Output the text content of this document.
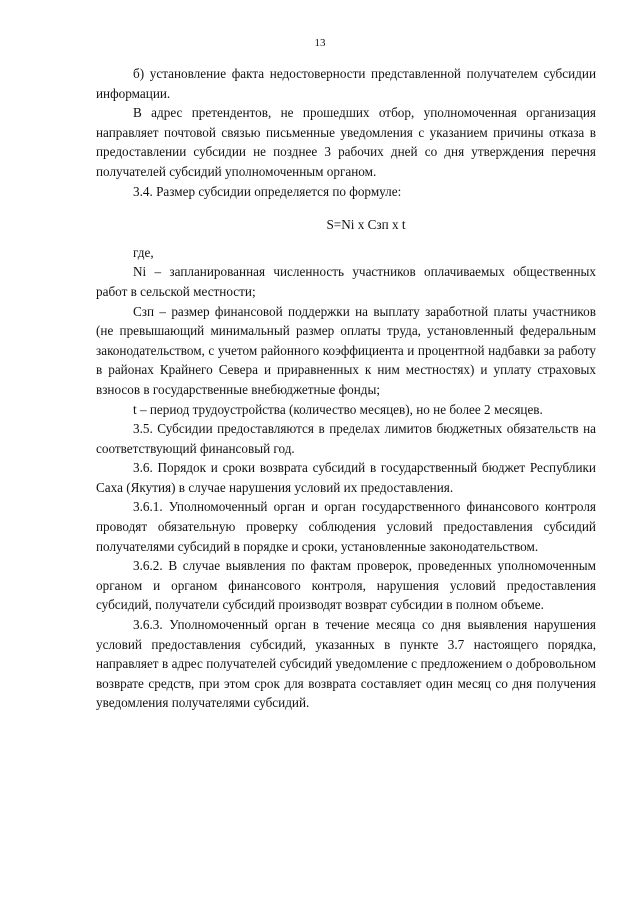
13

б) установление факта недостоверности представленной получателем субсидии информации.

В адрес претендентов, не прошедших отбор, уполномоченная организация направляет почтовой связью письменные уведомления с указанием причины отказа в предоставлении субсидии не позднее 3 рабочих дней со дня утверждения перечня получателей субсидий уполномоченным органом.

3.4. Размер субсидии определяется по формуле:

S=Ni х Сзп х t

где,

Ni – запланированная численность участников оплачиваемых общественных работ в сельской местности;

Сзп – размер финансовой поддержки на выплату заработной платы участников (не превышающий минимальный размер оплаты труда, установленный федеральным законодательством, с учетом районного коэффициента и процентной надбавки за работу в районах Крайнего Севера и приравненных к ним местностях) и уплату страховых взносов в государственные внебюджетные фонды;

t – период трудоустройства (количество месяцев), но не более 2 месяцев.

3.5. Субсидии предоставляются в пределах лимитов бюджетных обязательств на соответствующий финансовый год.

3.6. Порядок и сроки возврата субсидий в государственный бюджет Республики Саха (Якутия) в случае нарушения условий их предоставления.

3.6.1. Уполномоченный орган и орган государственного финансового контроля проводят обязательную проверку соблюдения условий предоставления субсидий получателями субсидий в порядке и сроки, установленные законодательством.

3.6.2. В случае выявления по фактам проверок, проведенных уполномоченным органом и органом финансового контроля, нарушения условий предоставления субсидий, получатели субсидий производят возврат субсидии в полном объеме.

3.6.3. Уполномоченный орган в течение месяца со дня выявления нарушения условий предоставления субсидий, указанных в пункте 3.7 настоящего порядка, направляет в адрес получателей субсидий уведомление с предложением о добровольном возврате средств, при этом срок для возврата составляет один месяц со дня получения уведомления получателями субсидий.
